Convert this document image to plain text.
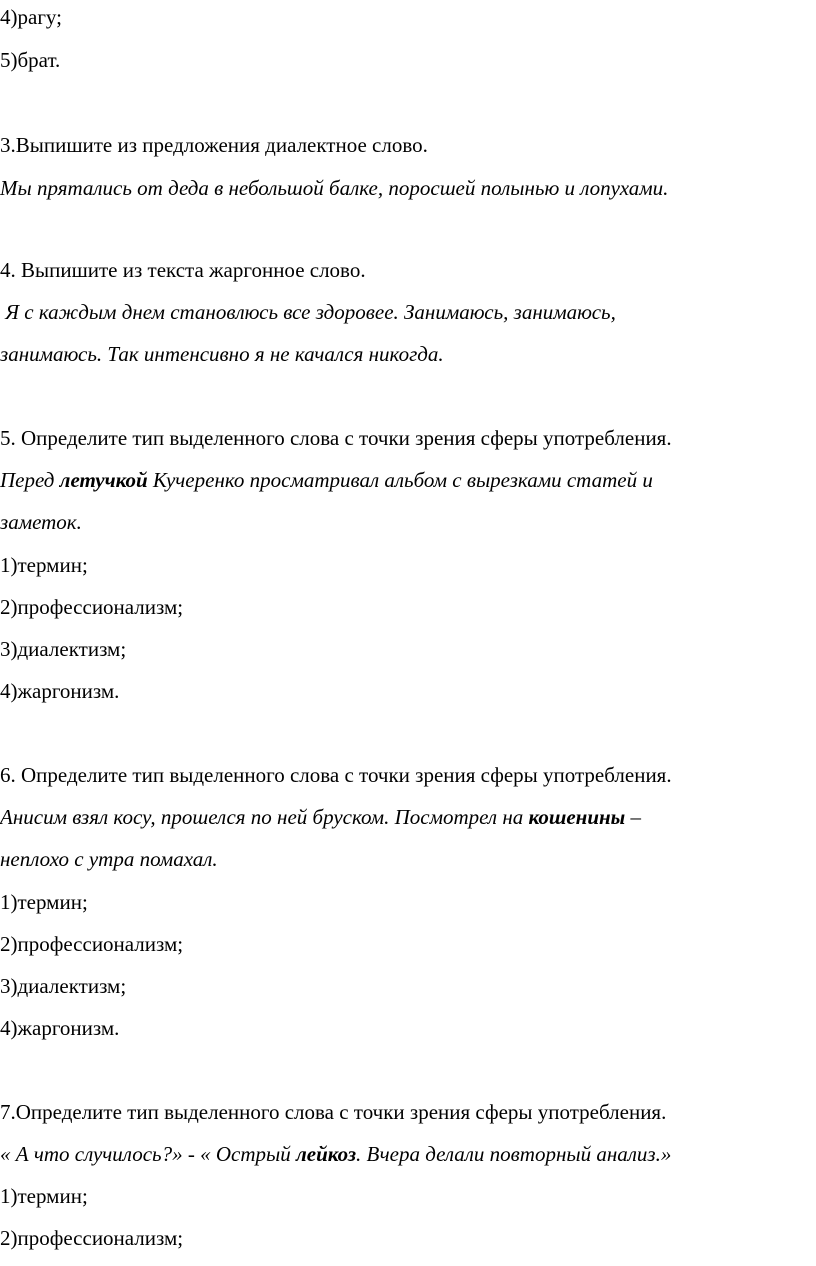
4)рагу;
5)брат.
3.Выпишите из предложения диалектное слово.
Мы прятались от деда в небольшой балке, поросшей полынью и лопухами.
4. Выпишите из текста жаргонное слово.
Я с каждым днем становлюсь все здоровее. Занимаюсь, занимаюсь,
занимаюсь. Так интенсивно я не качался никогда.
5. Определите тип выделенного слова с точки зрения сферы употребления.
Перед летучкой Кучеренко просматривал альбом с вырезками статей и
заметок.
1)термин;
2)профессионализм;
3)диалектизм;
4)жаргонизм.
6. Определите тип выделенного слова с точки зрения сферы употребления.
Анисим взял косу, прошелся по ней бруском. Посмотрел на кошенины –
неплохо с утра помахал.
1)термин;
2)профессионализм;
3)диалектизм;
4)жаргонизм.
7.Определите тип выделенного слова с точки зрения сферы употребления.
« А что случилось?» - « Острый лейкоз. Вчера делали повторный анализ.»
1)термин;
2)профессионализм;
